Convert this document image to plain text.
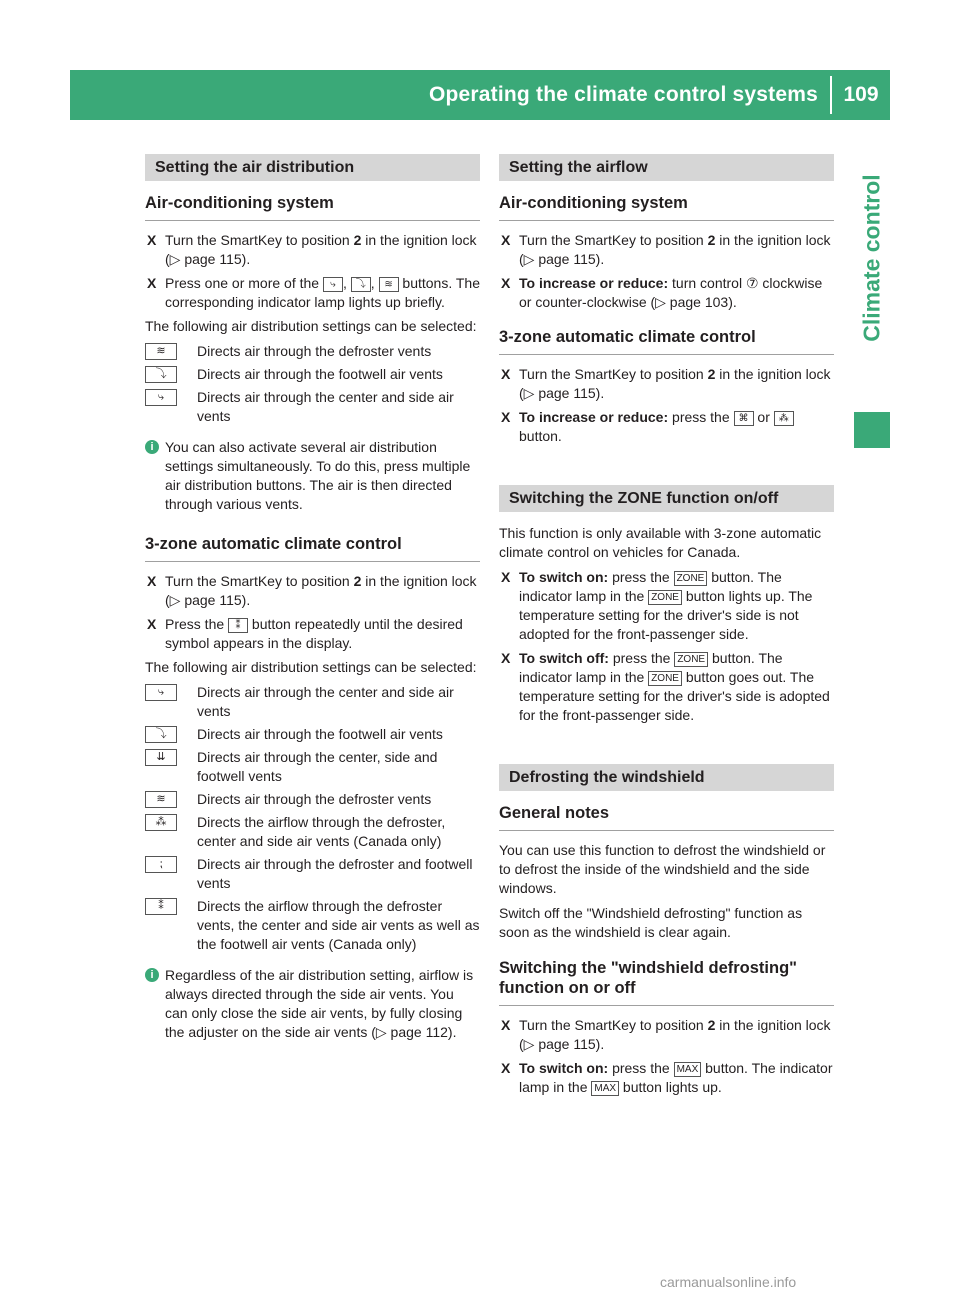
Operating the climate control systems	109
Climate control
Setting the air distribution
Air-conditioning system
X Turn the SmartKey to position 2 in the ignition lock (▷ page 115).
X Press one or more of the ⤷ , ⤵ , ≋ buttons. The corresponding indicator lamp lights up briefly.
The following air distribution settings can be selected:
≋	Directs air through the defroster vents
⤵	Directs air through the footwell air vents
⤷	Directs air through the center and side air vents
i You can also activate several air distribution settings simultaneously. To do this, press multiple air distribution buttons. The air is then directed through various vents.
3-zone automatic climate control
X Turn the SmartKey to position 2 in the ignition lock (▷ page 115).
X Press the ⁑ button repeatedly until the desired symbol appears in the display.
The following air distribution settings can be selected:
⤷	Directs air through the center and side air vents
⤵	Directs air through the footwell air vents
⇊	Directs air through the center, side and footwell vents
≋	Directs air through the defroster vents
⁂	Directs the airflow through the defroster, center and side air vents (Canada only)
⁏	Directs air through the defroster and footwell vents
⁑	Directs the airflow through the defroster vents, the center and side air vents as well as the footwell air vents (Canada only)
i Regardless of the air distribution setting, airflow is always directed through the side air vents. You can only close the side air vents, by fully closing the adjuster on the side air vents (▷ page 112).
Setting the airflow
Air-conditioning system
X Turn the SmartKey to position 2 in the ignition lock (▷ page 115).
X To increase or reduce: turn control ⑦ clockwise or counter-clockwise (▷ page 103).
3-zone automatic climate control
X Turn the SmartKey to position 2 in the ignition lock (▷ page 115).
X To increase or reduce: press the ⌘ or ⁂ button.
Switching the ZONE function on/off
This function is only available with 3-zone automatic climate control on vehicles for Canada.
X To switch on: press the ZONE button. The indicator lamp in the ZONE button lights up. The temperature setting for the driver's side is not adopted for the front-passenger side.
X To switch off: press the ZONE button. The indicator lamp in the ZONE button goes out. The temperature setting for the driver's side is adopted for the front-passenger side.
Defrosting the windshield
General notes
You can use this function to defrost the windshield or to defrost the inside of the windshield and the side windows.
Switch off the "Windshield defrosting" function as soon as the windshield is clear again.
Switching the "windshield defrosting" function on or off
X Turn the SmartKey to position 2 in the ignition lock (▷ page 115).
X To switch on: press the MAX button. The indicator lamp in the MAX button lights up.
carmanualsonline.info
